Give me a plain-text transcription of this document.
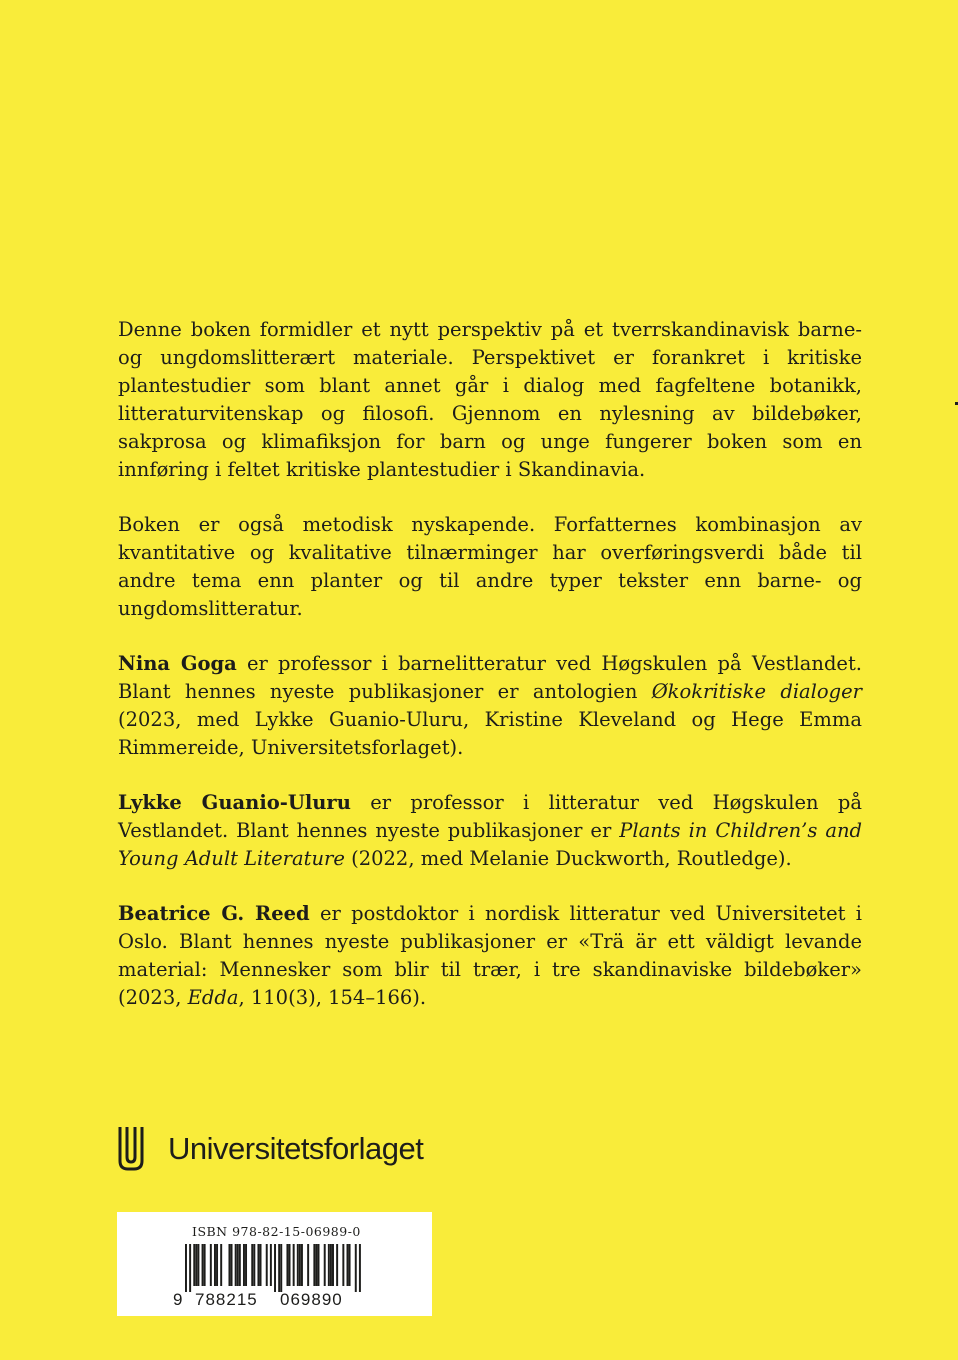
Denne boken formidler et nytt perspektiv på et tverrskandinavisk barne- og ungdomslitterært materiale. Perspektivet er forankret i kritiske plantestudier som blant annet går i dialog med fagfeltene botanikk, litteraturvitenskap og filosofi. Gjennom en nylesning av bildebøker, sakprosa og klimafiksjon for barn og unge fungerer boken som en innføring i feltet kritiske plantestudier i Skandinavia.

Boken er også metodisk nyskapende. Forfatternes kombinasjon av kvantitative og kvalitative tilnærminger har overføringsverdi både til andre tema enn planter og til andre typer tekster enn barne- og ungdomslitteratur.

Nina Goga er professor i barnelitteratur ved Høgskulen på Vestlandet. Blant hennes nyeste publikasjoner er antologien Økokritiske dialoger (2023, med Lykke Guanio-Uluru, Kristine Kleveland og Hege Emma Rimmereide, Universitetsforlaget).

Lykke Guanio-Uluru er professor i litteratur ved Høgskulen på Vestlandet. Blant hennes nyeste publikasjoner er Plants in Children’s and Young Adult Literature (2022, med Melanie Duckworth, Routledge).

Beatrice G. Reed er postdoktor i nordisk litteratur ved Universitetet i Oslo. Blant hennes nyeste publikasjoner er «Trä är ett väldigt levande material: Mennesker som blir til trær, i tre skandinaviske bildebøker» (2023, Edda, 110(3), 154–166).

Universitetsforlaget
ISBN 978-82-15-06989-0
9 788215 069890
